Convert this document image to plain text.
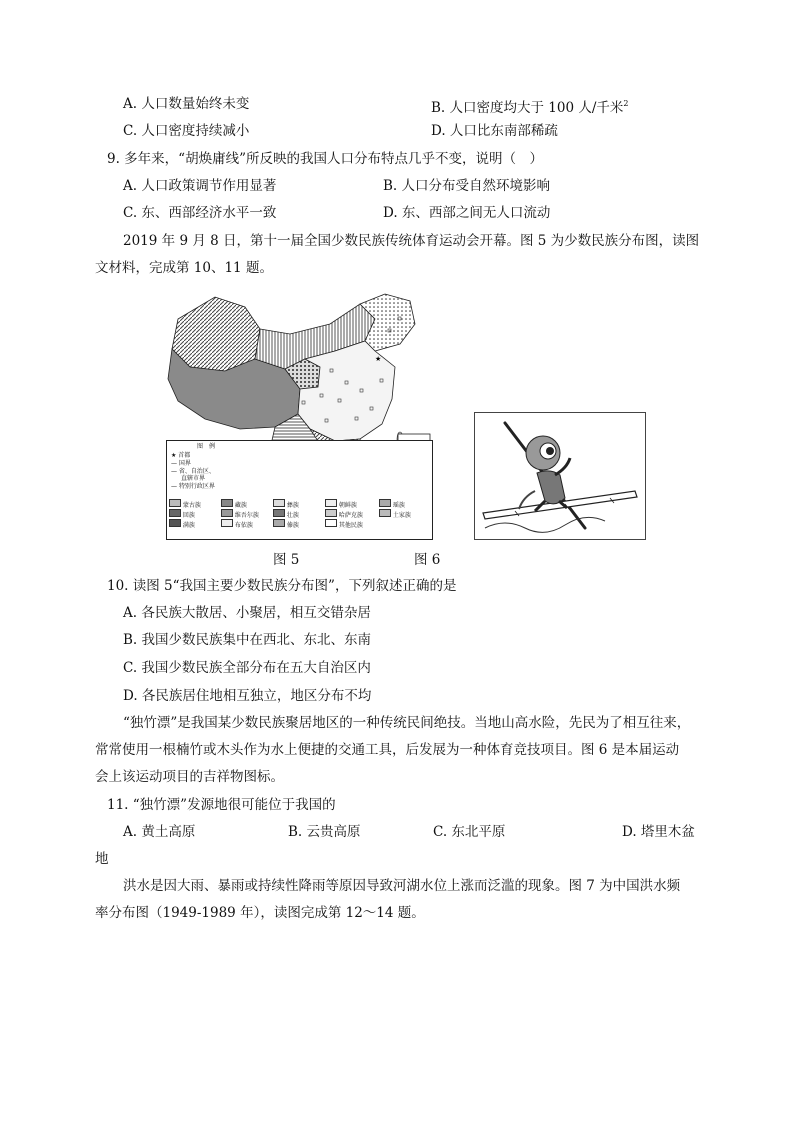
A. 人口数量始终未变	B. 人口密度均大于 100 人/千米$^2$
C. 人口密度持续减小	D. 人口比东南部稀疏
9. 多年来，“胡焕庸线”所反映的我国人口分布特点几乎不变，说明（　）
A. 人口政策调节作用显著	B. 人口分布受自然环境影响
C. 东、西部经济水平一致	D. 东、西部之间无人口流动
2019 年 9 月 8 日，第十一届全国少数民族传统体育运动会开幕。图 5 为少数民族分布图，读图
文材料，完成第 10、11 题。
★
图　例
★ 首都
— 国界
— 省、自治区、
直辖市界
— 特别行政区界
蒙古族	藏族	彝族	朝鲜族	瑶族
回族	维吾尔族	壮族	哈萨克族	土家族
满族	布依族	傣族	其他民族
图 5	图 6
10. 读图 5“我国主要少数民族分布图”，下列叙述正确的是
A. 各民族大散居、小聚居，相互交错杂居
B. 我国少数民族集中在西北、东北、东南
C. 我国少数民族全部分布在五大自治区内
D. 各民族居住地相互独立，地区分布不均
“独竹漂”是我国某少数民族聚居地区的一种传统民间绝技。当地山高水险，先民为了相互往来，
常常使用一根楠竹或木头作为水上便捷的交通工具，后发展为一种体育竞技项目。图 6 是本届运动
会上该运动项目的吉祥物图标。
11. “独竹漂”发源地很可能位于我国的
A. 黄土高原	B. 云贵高原	C. 东北平原	D. 塔里木盆
地
洪水是因大雨、暴雨或持续性降雨等原因导致河湖水位上涨而泛滥的现象。图 7 为中国洪水频
率分布图（1949-1989 年），读图完成第 12～14 题。
